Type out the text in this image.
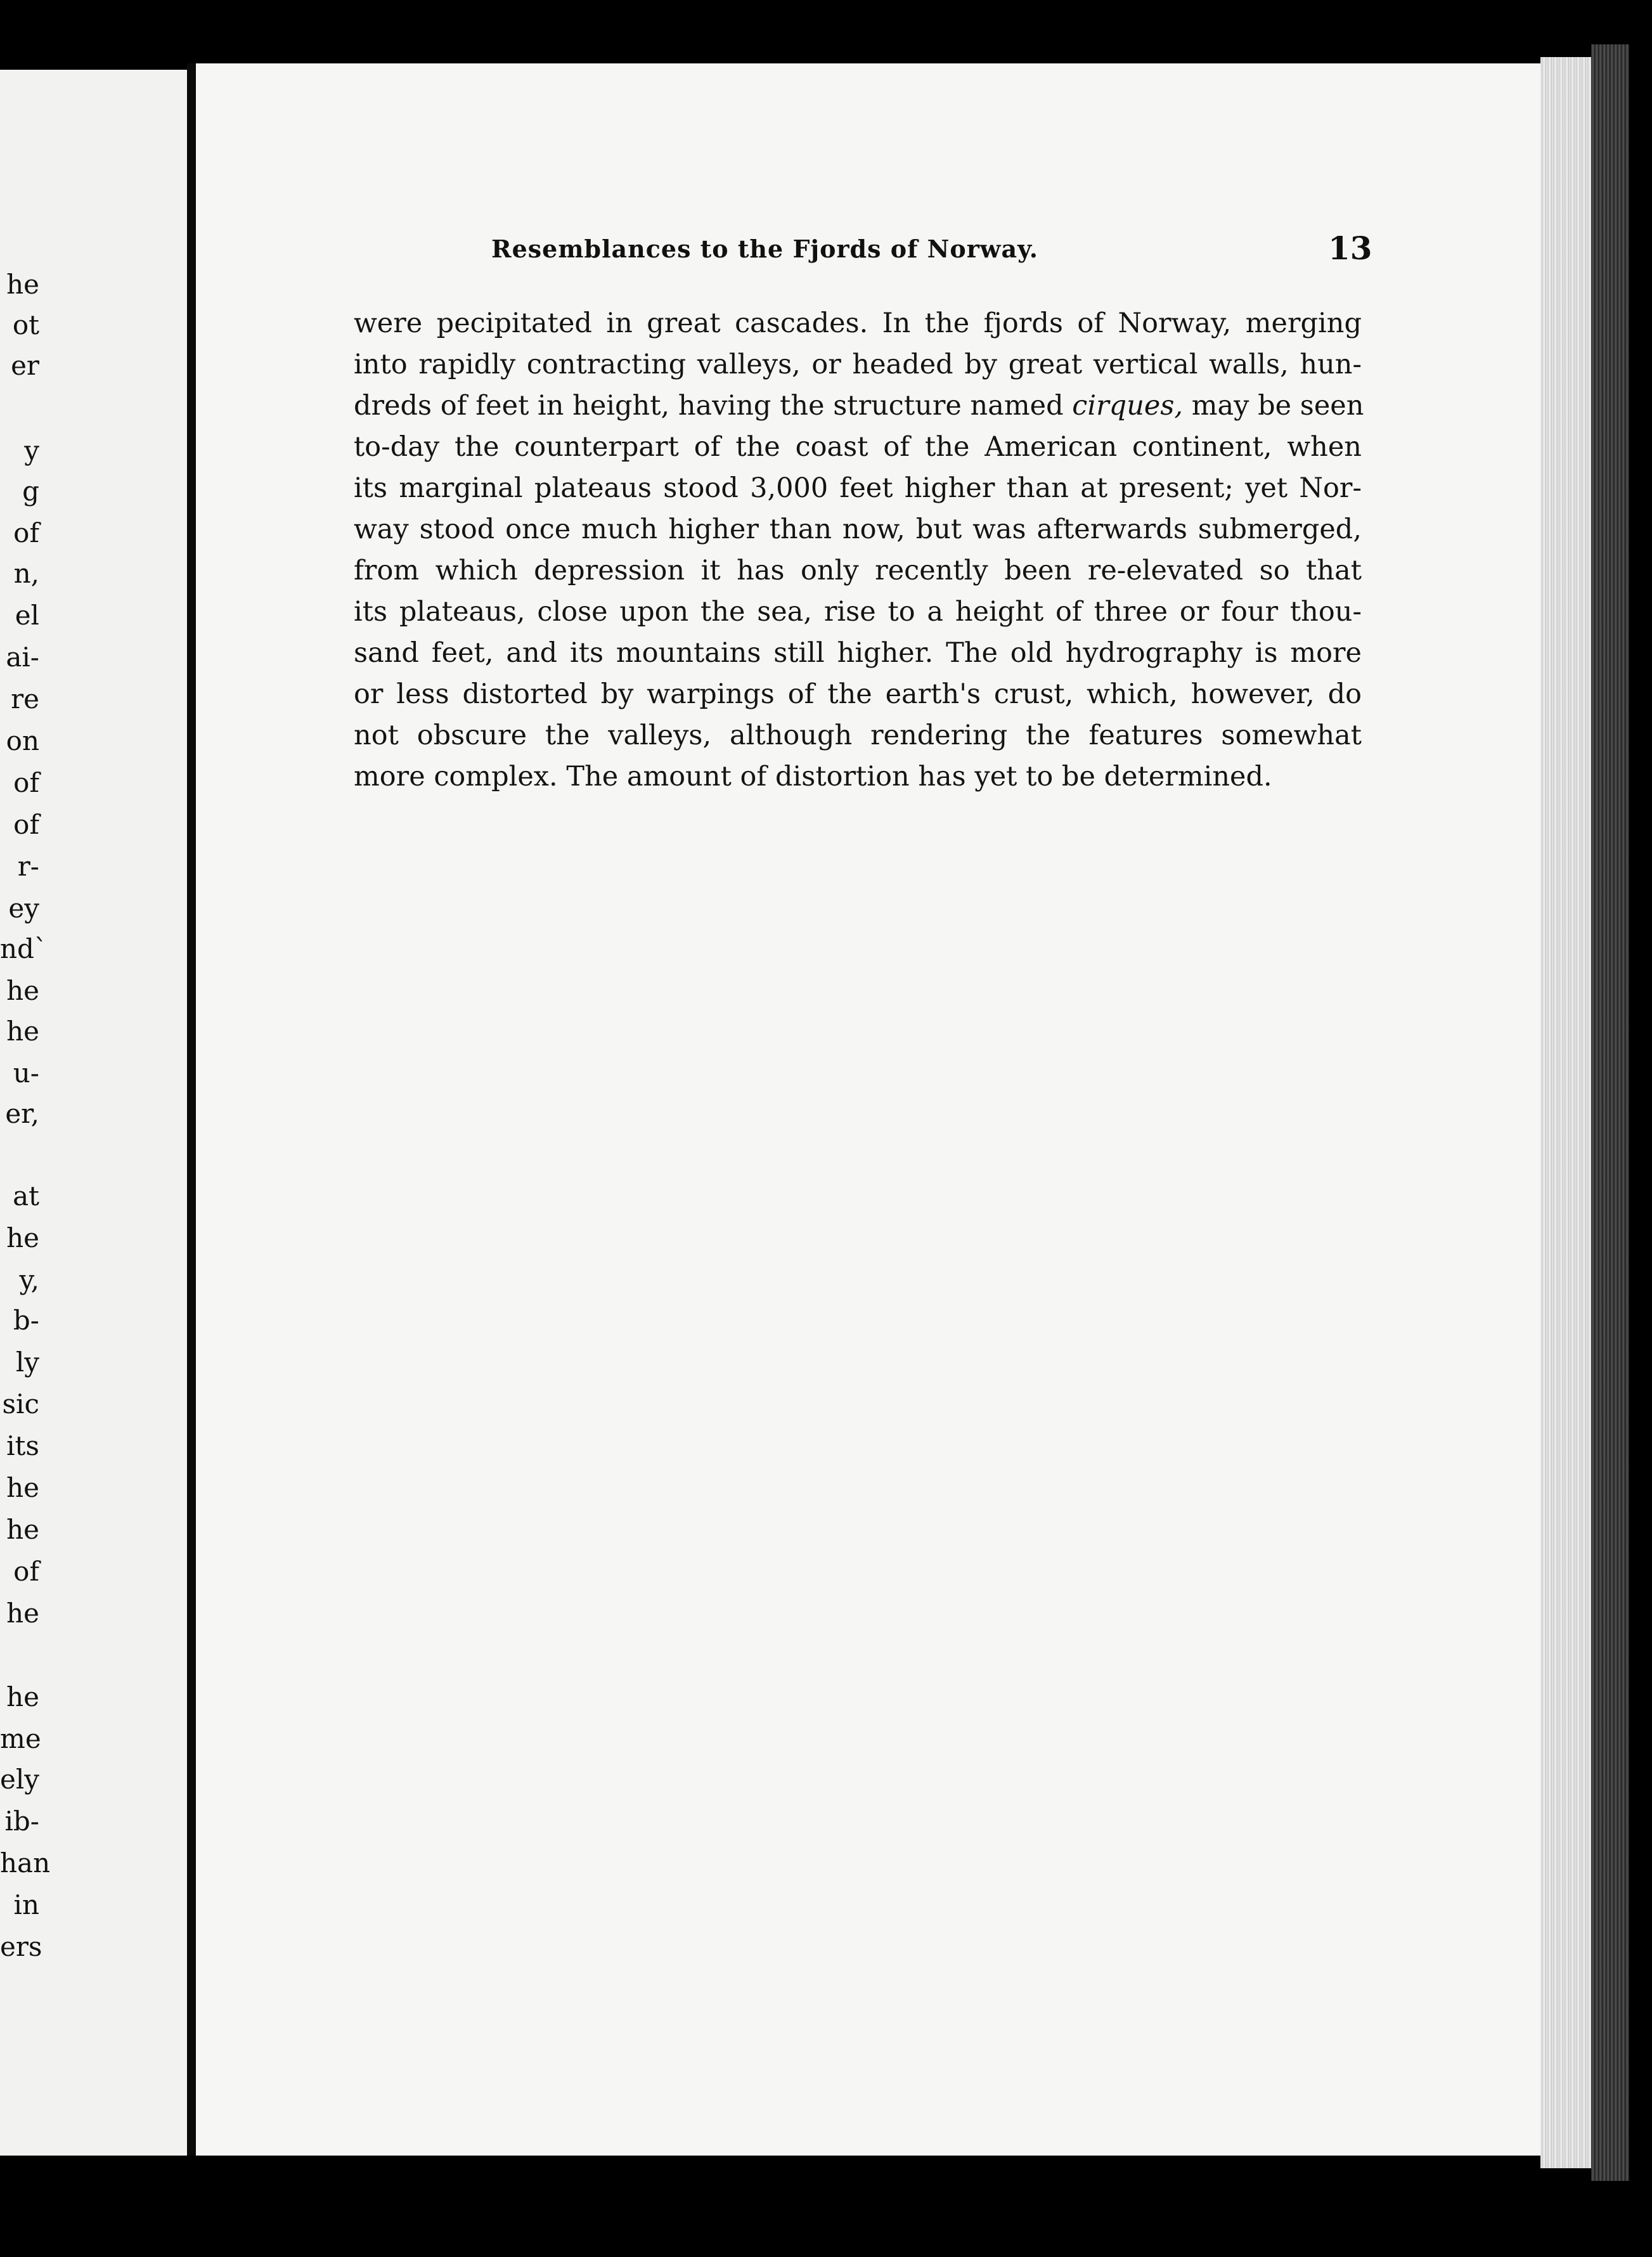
he
ot
er
y
g
of
n,
el
ai-
re
on
of
of
r-
ey
nd`
he
he
u-
er,
at
he
y,
b-
ly
sic
its
he
he
of
he
he
me
ely
ib-
han
in
ers
Resemblances to the Fjords of Norway.	13
were pecipitated in great cascades. In the fjords of Norway, merging
into rapidly contracting valleys, or headed by great vertical walls, hun-
dreds of feet in height, having the structure named cirques, may be seen
to-day the counterpart of the coast of the American continent, when
its marginal plateaus stood 3,000 feet higher than at present; yet Nor-
way stood once much higher than now, but was afterwards submerged,
from which depression it has only recently been re-elevated so that
its plateaus, close upon the sea, rise to a height of three or four thou-
sand feet, and its mountains still higher. The old hydrography is more
or less distorted by warpings of the earth's crust, which, however, do
not obscure the valleys, although rendering the features somewhat
more complex. The amount of distortion has yet to be determined.
